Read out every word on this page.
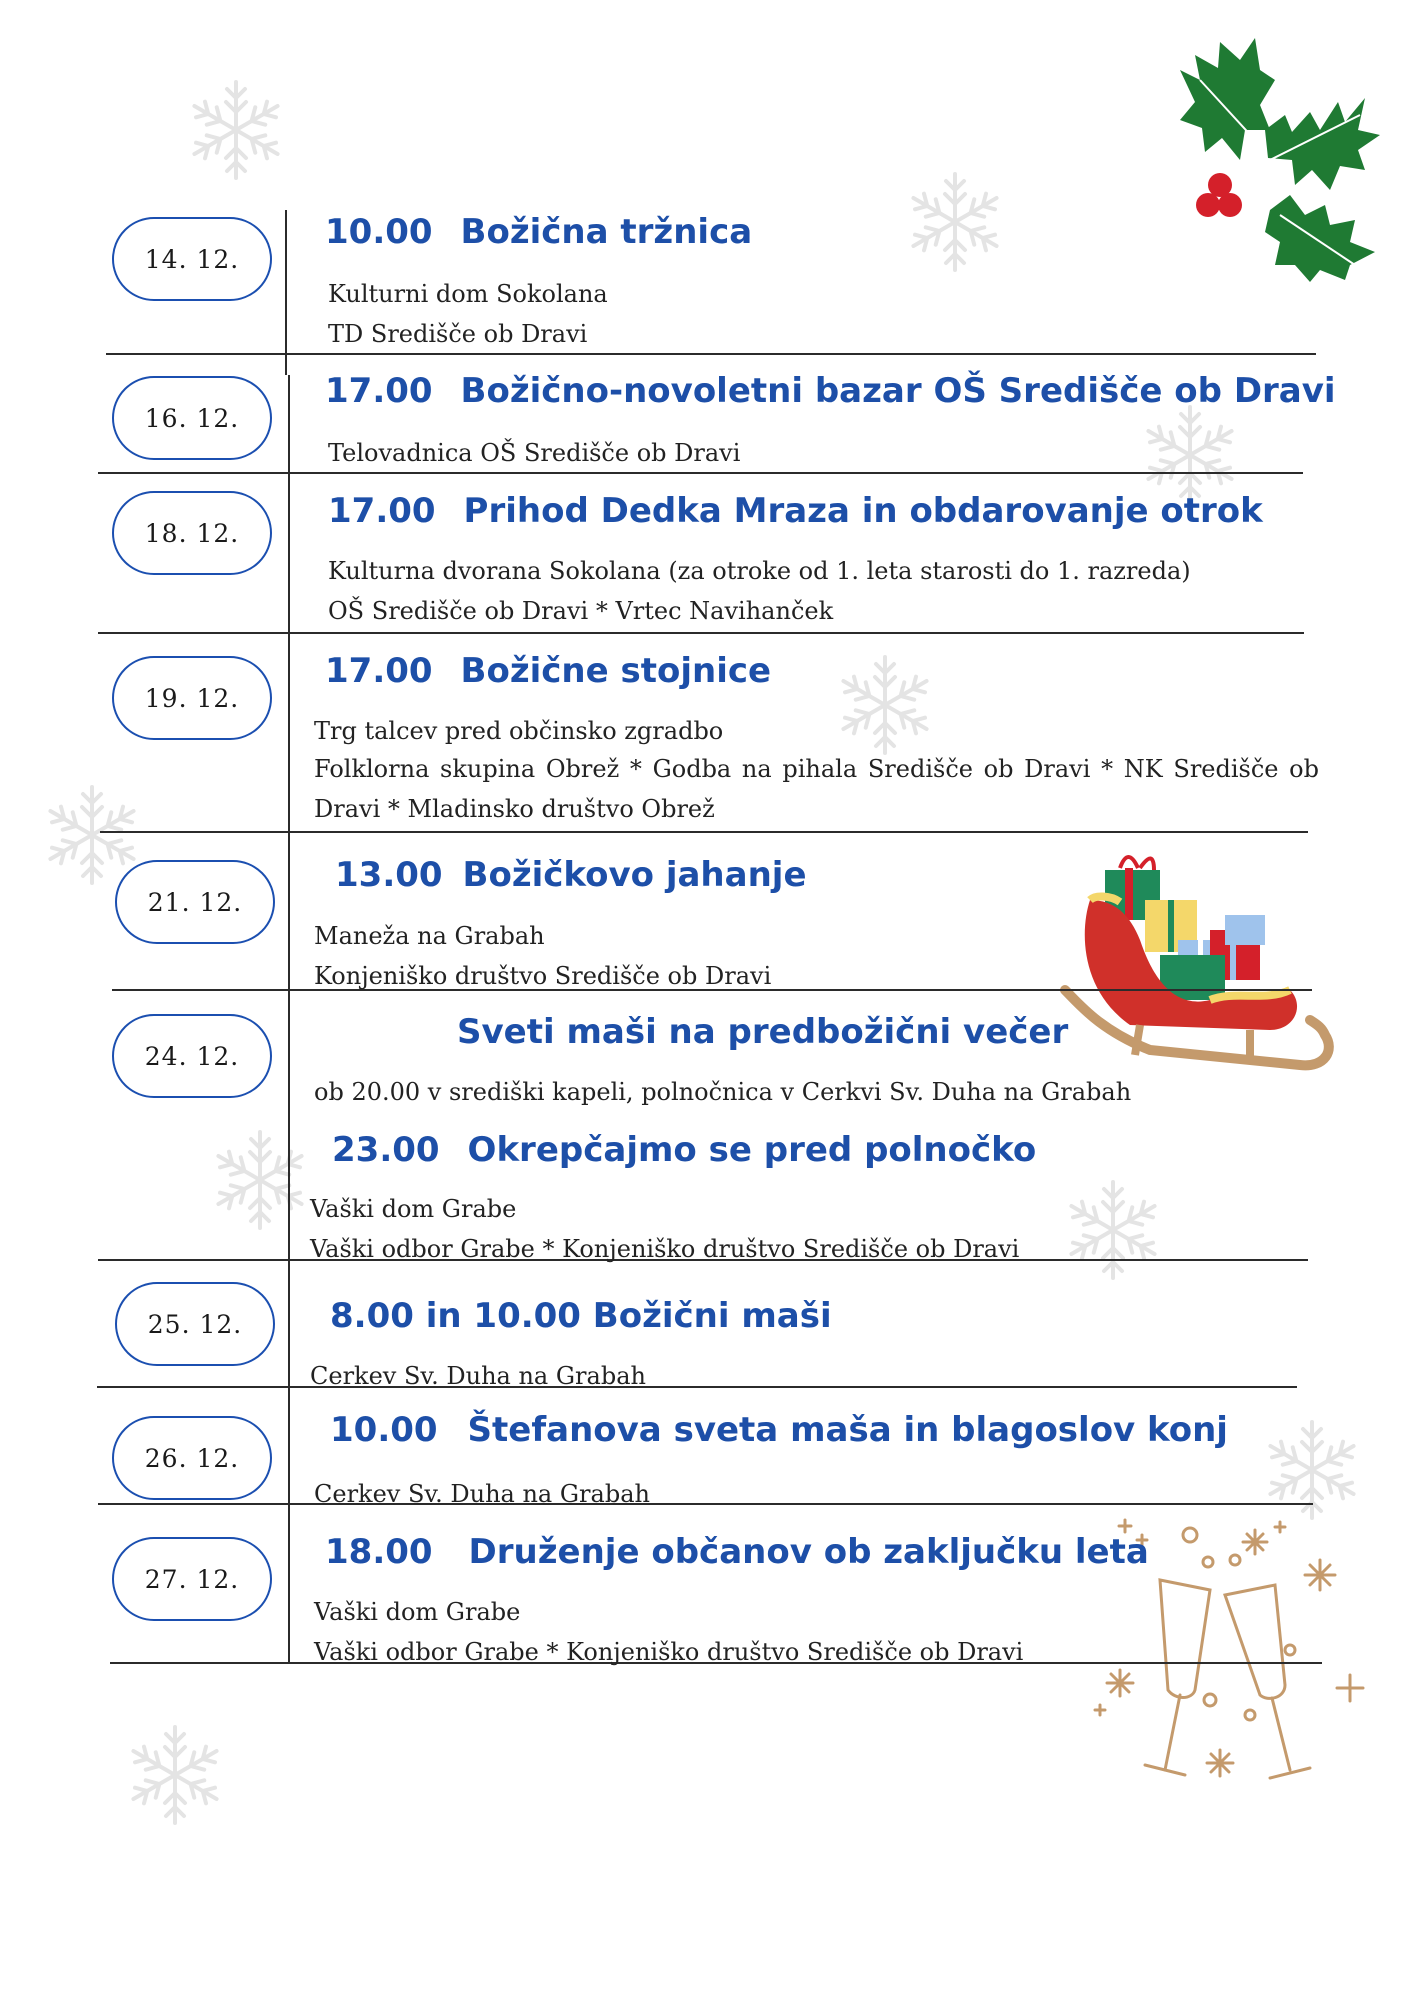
14. 12.
16. 12.
18. 12.
19. 12.
21. 12.
24. 12.
25. 12.
26. 12.
27. 12.
10.00 Božična tržnica
Kulturni dom Sokolana
TD Središče ob Dravi
17.00 Božično-novoletni bazar OŠ Središče ob Dravi
Telovadnica OŠ Središče ob Dravi
17.00 Prihod Dedka Mraza in obdarovanje otrok
Kulturna dvorana Sokolana (za otroke od 1. leta starosti do 1. razreda)
OŠ Središče ob Dravi * Vrtec Navihanček
17.00 Božične stojnice
Trg talcev pred občinsko zgradbo
Folklorna skupina Obrež * Godba na pihala Središče ob Dravi * NK Središče ob Dravi * Mladinsko društvo Obrež
13.00 Božičkovo jahanje
Maneža na Grabah
Konjeniško društvo Središče ob Dravi
Sveti maši na predbožični večer
ob 20.00 v središki kapeli, polnočnica v Cerkvi Sv. Duha na Grabah
23.00 Okrepčajmo se pred polnočko
Vaški dom Grabe
Vaški odbor Grabe * Konjeniško društvo Središče ob Dravi
8.00 in 10.00 Božični maši
Cerkev Sv. Duha na Grabah
10.00 Štefanova sveta maša in blagoslov konj
Cerkev Sv. Duha na Grabah
18.00 Druženje občanov ob zaključku leta
Vaški dom Grabe
Vaški odbor Grabe * Konjeniško društvo Središče ob Dravi
